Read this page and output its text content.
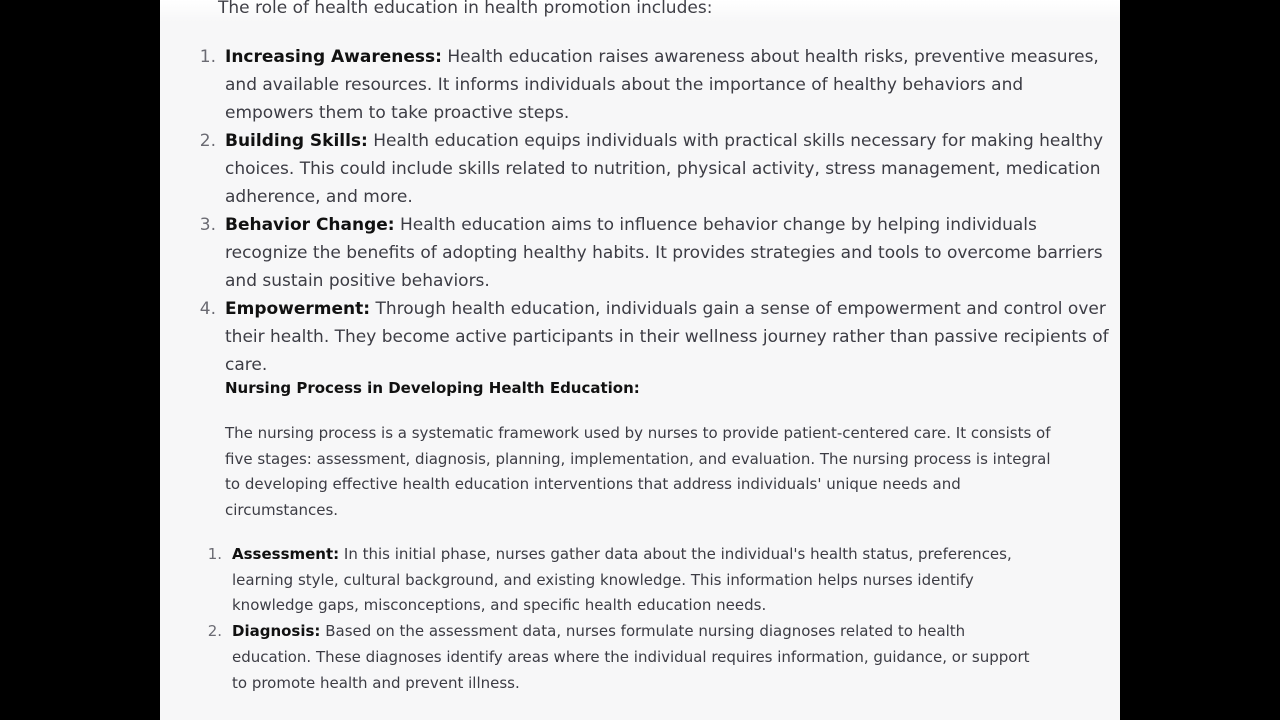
The role of health education in health promotion includes:
1. Increasing Awareness: Health education raises awareness about health risks, preventive measures, and available resources. It informs individuals about the importance of healthy behaviors and empowers them to take proactive steps.
2. Building Skills: Health education equips individuals with practical skills necessary for making healthy choices. This could include skills related to nutrition, physical activity, stress management, medication adherence, and more.
3. Behavior Change: Health education aims to influence behavior change by helping individuals recognize the benefits of adopting healthy habits. It provides strategies and tools to overcome barriers and sustain positive behaviors.
4. Empowerment: Through health education, individuals gain a sense of empowerment and control over their health. They become active participants in their wellness journey rather than passive recipients of care.
Nursing Process in Developing Health Education:
The nursing process is a systematic framework used by nurses to provide patient-centered care. It consists of five stages: assessment, diagnosis, planning, implementation, and evaluation. The nursing process is integral to developing effective health education interventions that address individuals' unique needs and circumstances.
1. Assessment: In this initial phase, nurses gather data about the individual's health status, preferences, learning style, cultural background, and existing knowledge. This information helps nurses identify knowledge gaps, misconceptions, and specific health education needs.
2. Diagnosis: Based on the assessment data, nurses formulate nursing diagnoses related to health education. These diagnoses identify areas where the individual requires information, guidance, or support to promote health and prevent illness.
